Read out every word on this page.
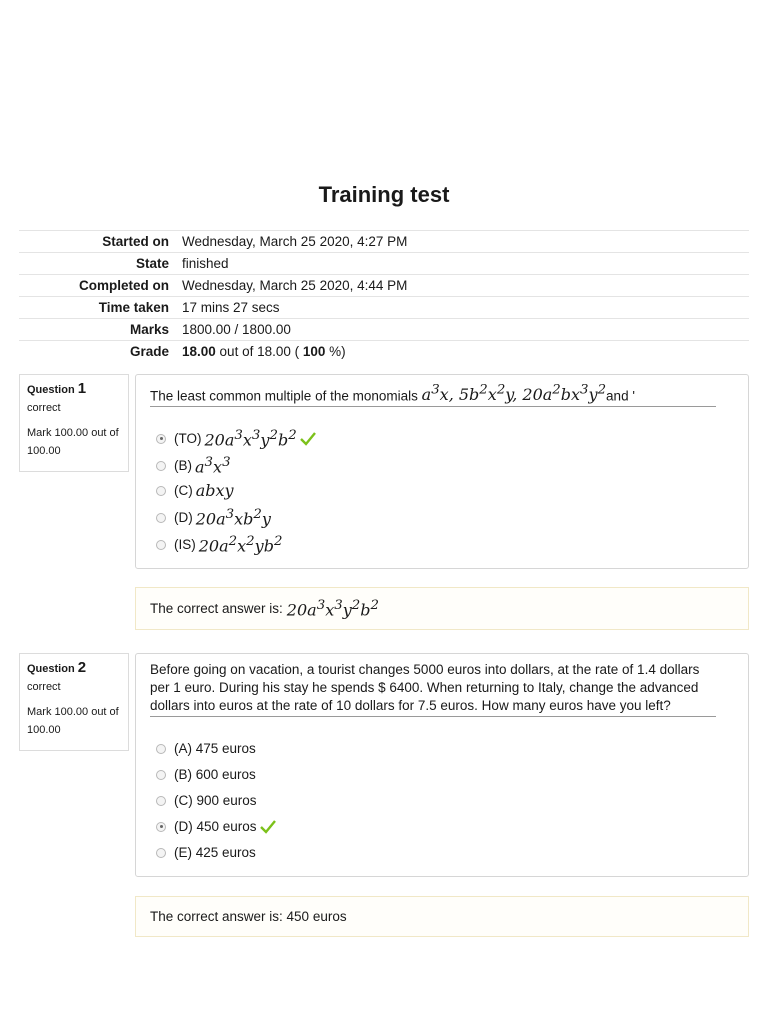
Training test
Started on Wednesday, March 25 2020, 4:27 PM
State finished
Completed on Wednesday, March 25 2020, 4:44 PM
Time taken 17 mins 27 secs
Marks 1800.00 / 1800.00
Grade 18.00 out of 18.00 ( 100 %)
Question 1
correct
Mark 100.00 out of 100.00
The least common multiple of the monomials $a^3x$, $5b^2x^2y$, $20a^2bx^3y^2and$ '
(TO) $20a^3x^3y^2b^2$
(B) $a^3x^3$
(C) abxy
(D) $20a^3xb^2y$
(IS) $20a^2x^2yb^2$
The correct answer is: $20a^3x^3y^2b^2$
Question 2
correct
Mark 100.00 out of 100.00
Before going on vacation, a tourist changes 5000 euros into dollars, at the rate of 1.4 dollars per 1 euro. During his stay he spends $ 6400. When returning to Italy, change the advanced dollars into euros at the rate of 10 dollars for 7.5 euros. How many euros have you left?
(A) 475 euros
(B) 600 euros
(C) 900 euros
(D) 450 euros
(E) 425 euros
The correct answer is: 450 euros
